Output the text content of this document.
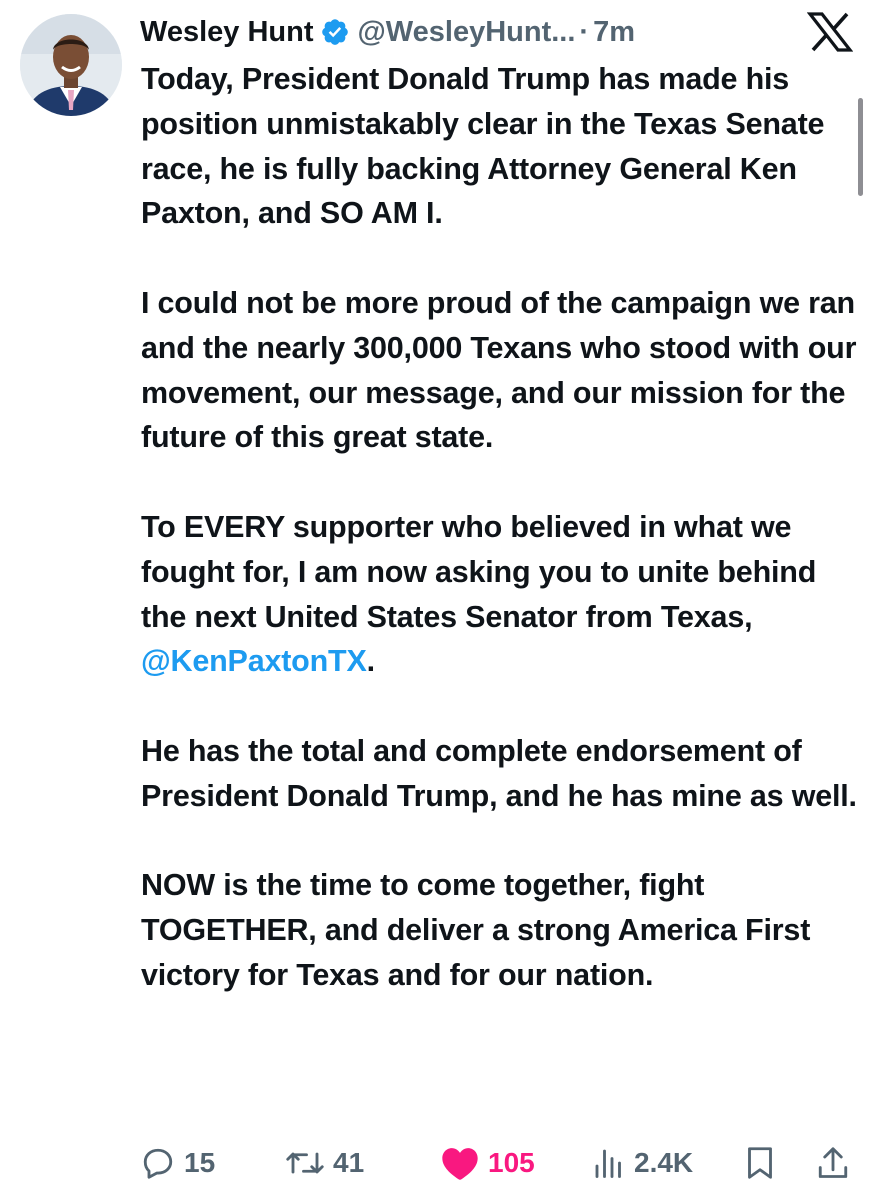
Wesley Hunt @WesleyHunt... · 7m

Today, President Donald Trump has made his position unmistakably clear in the Texas Senate race, he is fully backing Attorney General Ken Paxton, and SO AM I.

I could not be more proud of the campaign we ran and the nearly 300,000 Texans who stood with our movement, our message, and our mission for the future of this great state.

To EVERY supporter who believed in what we fought for, I am now asking you to unite behind the next United States Senator from Texas, @KenPaxtonTX.

He has the total and complete endorsement of President Donald Trump, and he has mine as well.

NOW is the time to come together, fight TOGETHER, and deliver a strong America First victory for Texas and for our nation.

15	41	105	2.4K
